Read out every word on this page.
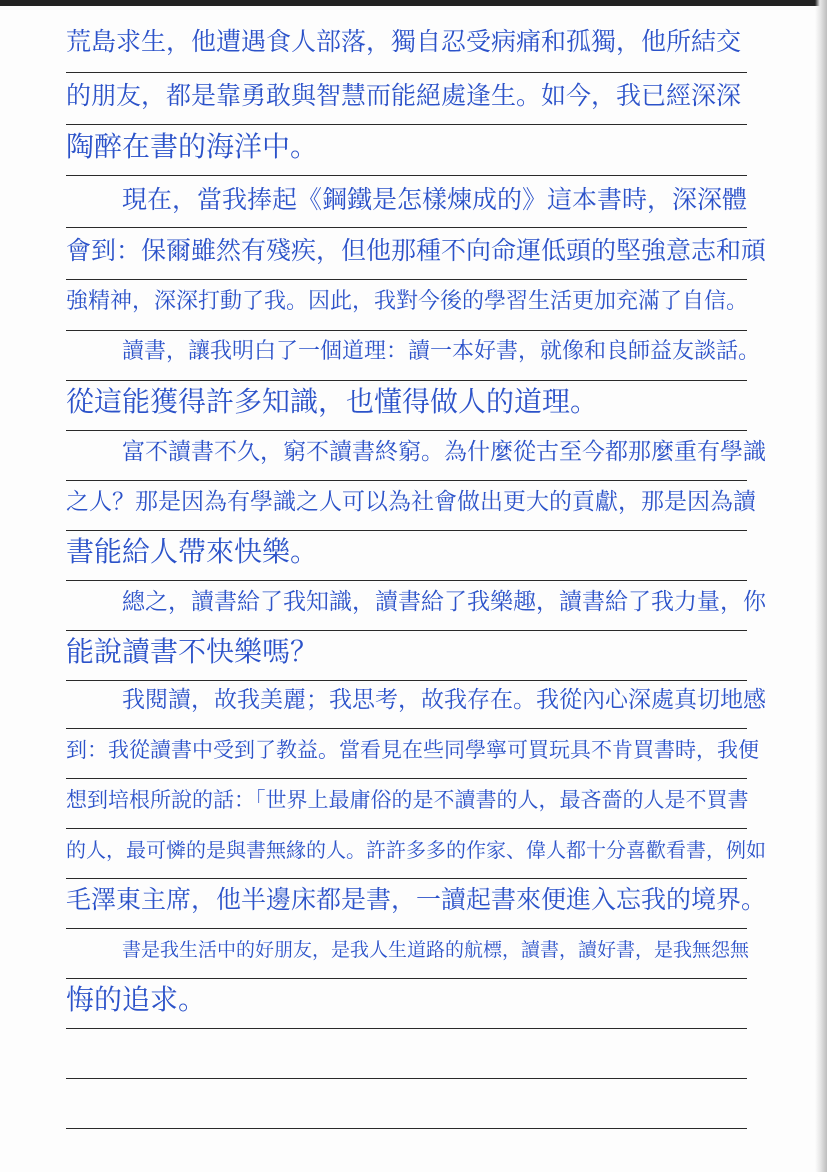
荒島求生，他遭遇食人部落，獨自忍受病痛和孤獨，他所結交
的朋友，都是靠勇敢與智慧而能絕處逢生。如今，我已經深深
陶醉在書的海洋中。
現在，當我捧起《鋼鐵是怎樣煉成的》這本書時，深深體
會到：保爾雖然有殘疾，但他那種不向命運低頭的堅強意志和頑
強精神，深深打動了我。因此，我對今後的學習生活更加充滿了自信。
讀書，讓我明白了一個道理：讀一本好書，就像和良師益友談話。
從這能獲得許多知識，也懂得做人的道理。
富不讀書不久，窮不讀書終窮。為什麼從古至今都那麼重有學識
之人？那是因為有學識之人可以為社會做出更大的貢獻，那是因為讀
書能給人帶來快樂。
總之，讀書給了我知識，讀書給了我樂趣，讀書給了我力量，你
能說讀書不快樂嗎？
我閱讀，故我美麗；我思考，故我存在。我從內心深處真切地感
到：我從讀書中受到了教益。當看見在些同學寧可買玩具不肯買書時，我便
想到培根所說的話：「世界上最庸俗的是不讀書的人，最吝嗇的人是不買書
的人，最可憐的是與書無緣的人。許許多多的作家、偉人都十分喜歡看書，例如
毛澤東主席，他半邊床都是書，一讀起書來便進入忘我的境界。
書是我生活中的好朋友，是我人生道路的航標，讀書，讀好書，是我無怨無
悔的追求。
